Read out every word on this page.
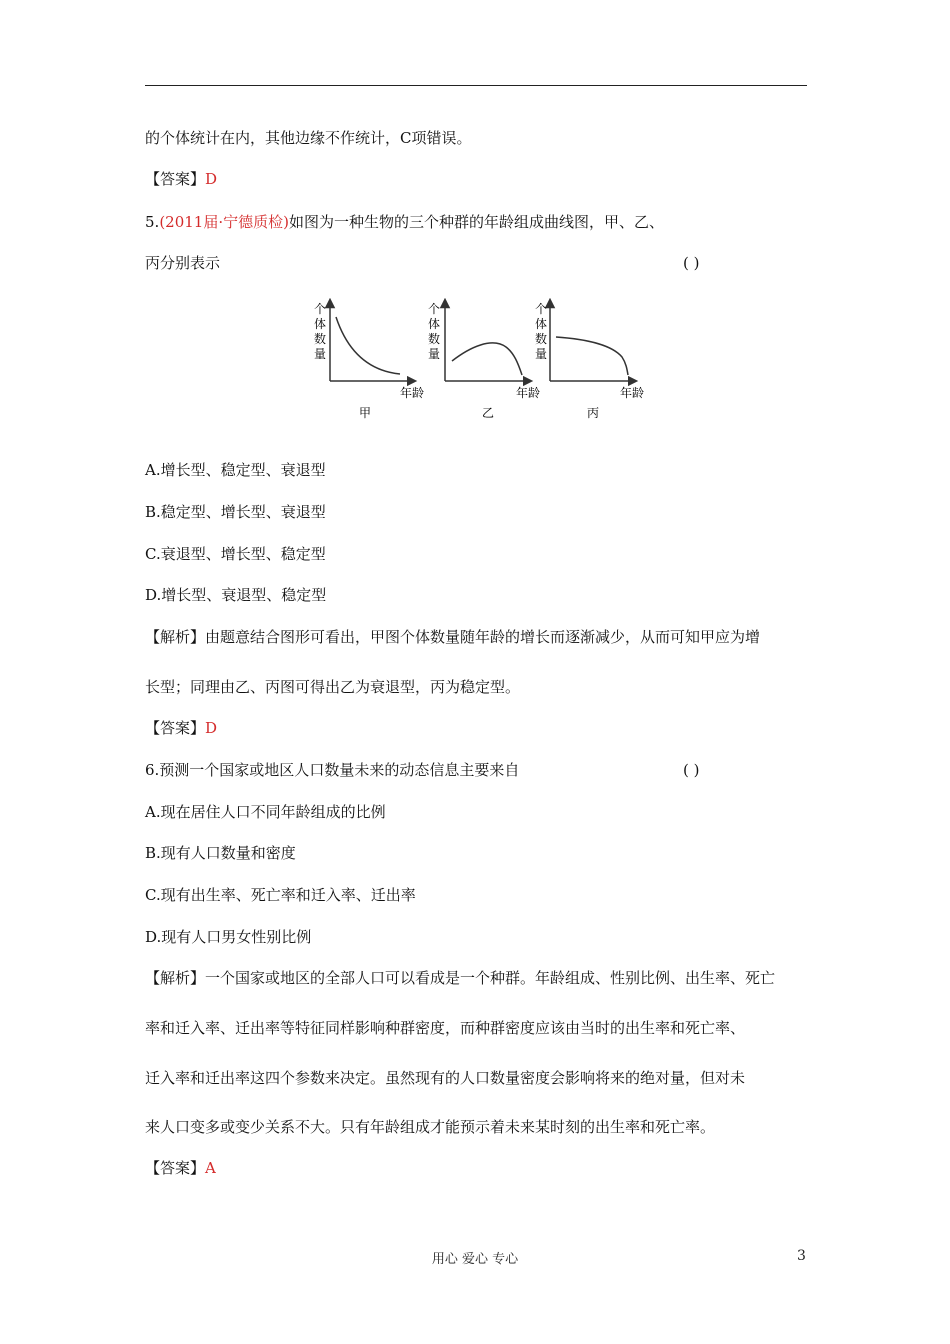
的个体统计在内，其他边缘不作统计，C项错误。
【答案】D
5.(2011届·宁德质检)如图为一种生物的三个种群的年龄组成曲线图，甲、乙、
丙分别表示	( )
个
体
数
量
年龄
甲
个
体
数
量
年龄
乙
个
体
数
量
年龄
丙
A.增长型、稳定型、衰退型
B.稳定型、增长型、衰退型
C.衰退型、增长型、稳定型
D.增长型、衰退型、稳定型
【解析】由题意结合图形可看出，甲图个体数量随年龄的增长而逐渐减少，从而可知甲应为增
长型；同理由乙、丙图可得出乙为衰退型，丙为稳定型。
【答案】D
6.预测一个国家或地区人口数量未来的动态信息主要来自	( )
A.现在居住人口不同年龄组成的比例
B.现有人口数量和密度
C.现有出生率、死亡率和迁入率、迁出率
D.现有人口男女性别比例
【解析】一个国家或地区的全部人口可以看成是一个种群。年龄组成、性别比例、出生率、死亡
率和迁入率、迁出率等特征同样影响种群密度，而种群密度应该由当时的出生率和死亡率、
迁入率和迁出率这四个参数来决定。虽然现有的人口数量密度会影响将来的绝对量，但对未
来人口变多或变少关系不大。只有年龄组成才能预示着未来某时刻的出生率和死亡率。
【答案】A
用心 爱心 专心	3
